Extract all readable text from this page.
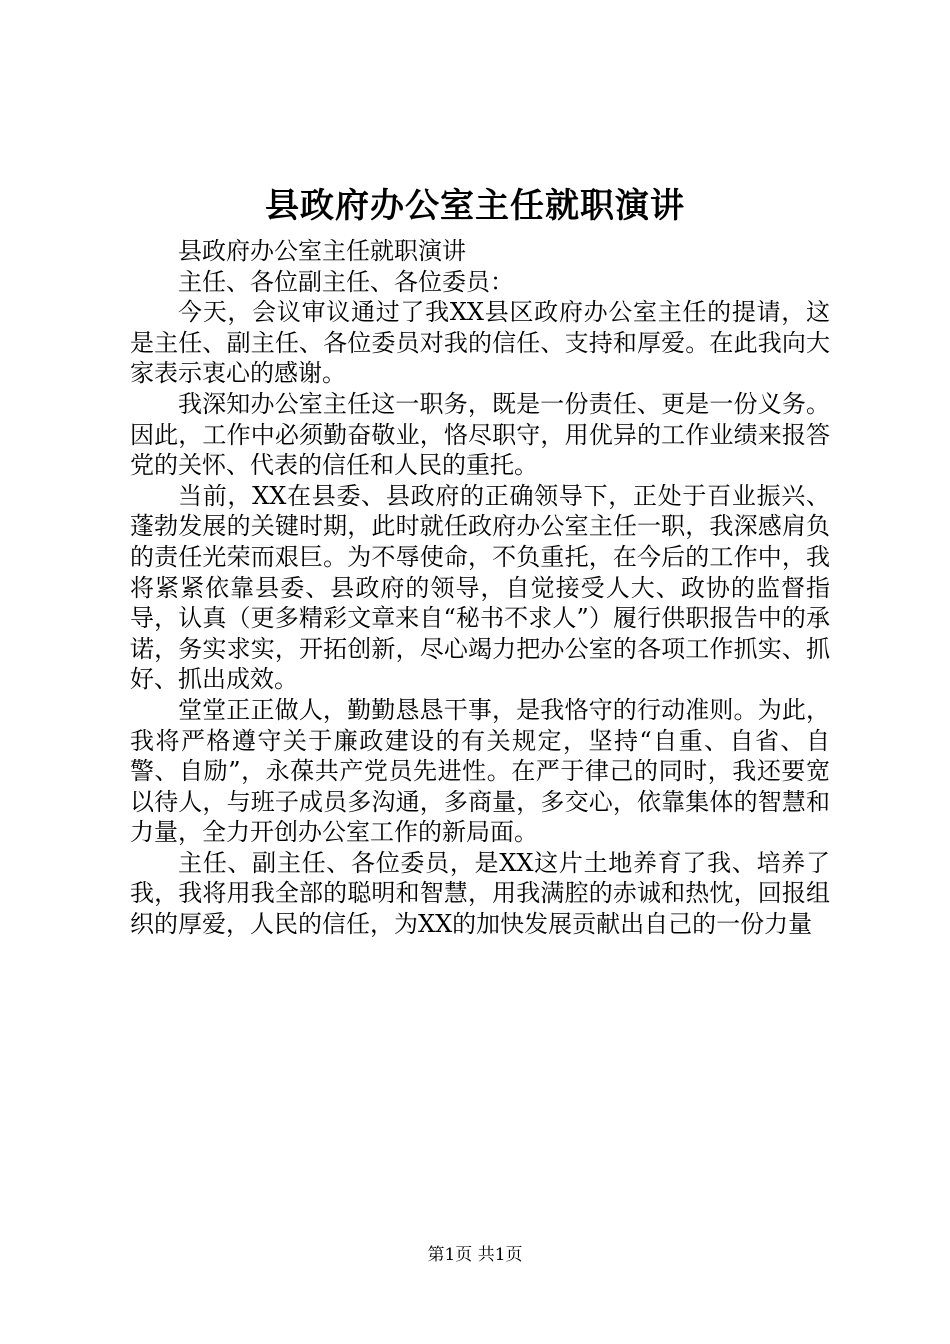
县政府办公室主任就职演讲

县政府办公室主任就职演讲

主任、各位副主任、各位委员：

今天，会议审议通过了我XX县区政府办公室主任的提请，这是主任、副主任、各位委员对我的信任、支持和厚爱。在此我向大家表示衷心的感谢。

我深知办公室主任这一职务，既是一份责任、更是一份义务。因此，工作中必须勤奋敬业，恪尽职守，用优异的工作业绩来报答党的关怀、代表的信任和人民的重托。

当前，XX在县委、县政府的正确领导下，正处于百业振兴、蓬勃发展的关键时期，此时就任政府办公室主任一职，我深感肩负的责任光荣而艰巨。为不辱使命，不负重托，在今后的工作中，我将紧紧依靠县委、县政府的领导，自觉接受人大、政协的监督指导，认真（更多精彩文章来自“秘书不求人”）履行供职报告中的承诺，务实求实，开拓创新，尽心竭力把办公室的各项工作抓实、抓好、抓出成效。

堂堂正正做人，勤勤恳恳干事，是我恪守的行动准则。为此，我将严格遵守关于廉政建设的有关规定，坚持“自重、自省、自警、自励”，永葆共产党员先进性。在严于律己的同时，我还要宽以待人，与班子成员多沟通，多商量，多交心，依靠集体的智慧和力量，全力开创办公室工作的新局面。

主任、副主任、各位委员，是XX这片土地养育了我、培养了我，我将用我全部的聪明和智慧，用我满腔的赤诚和热忱，回报组织的厚爱，人民的信任，为XX的加快发展贡献出自己的一份力量

第1页 共1页
